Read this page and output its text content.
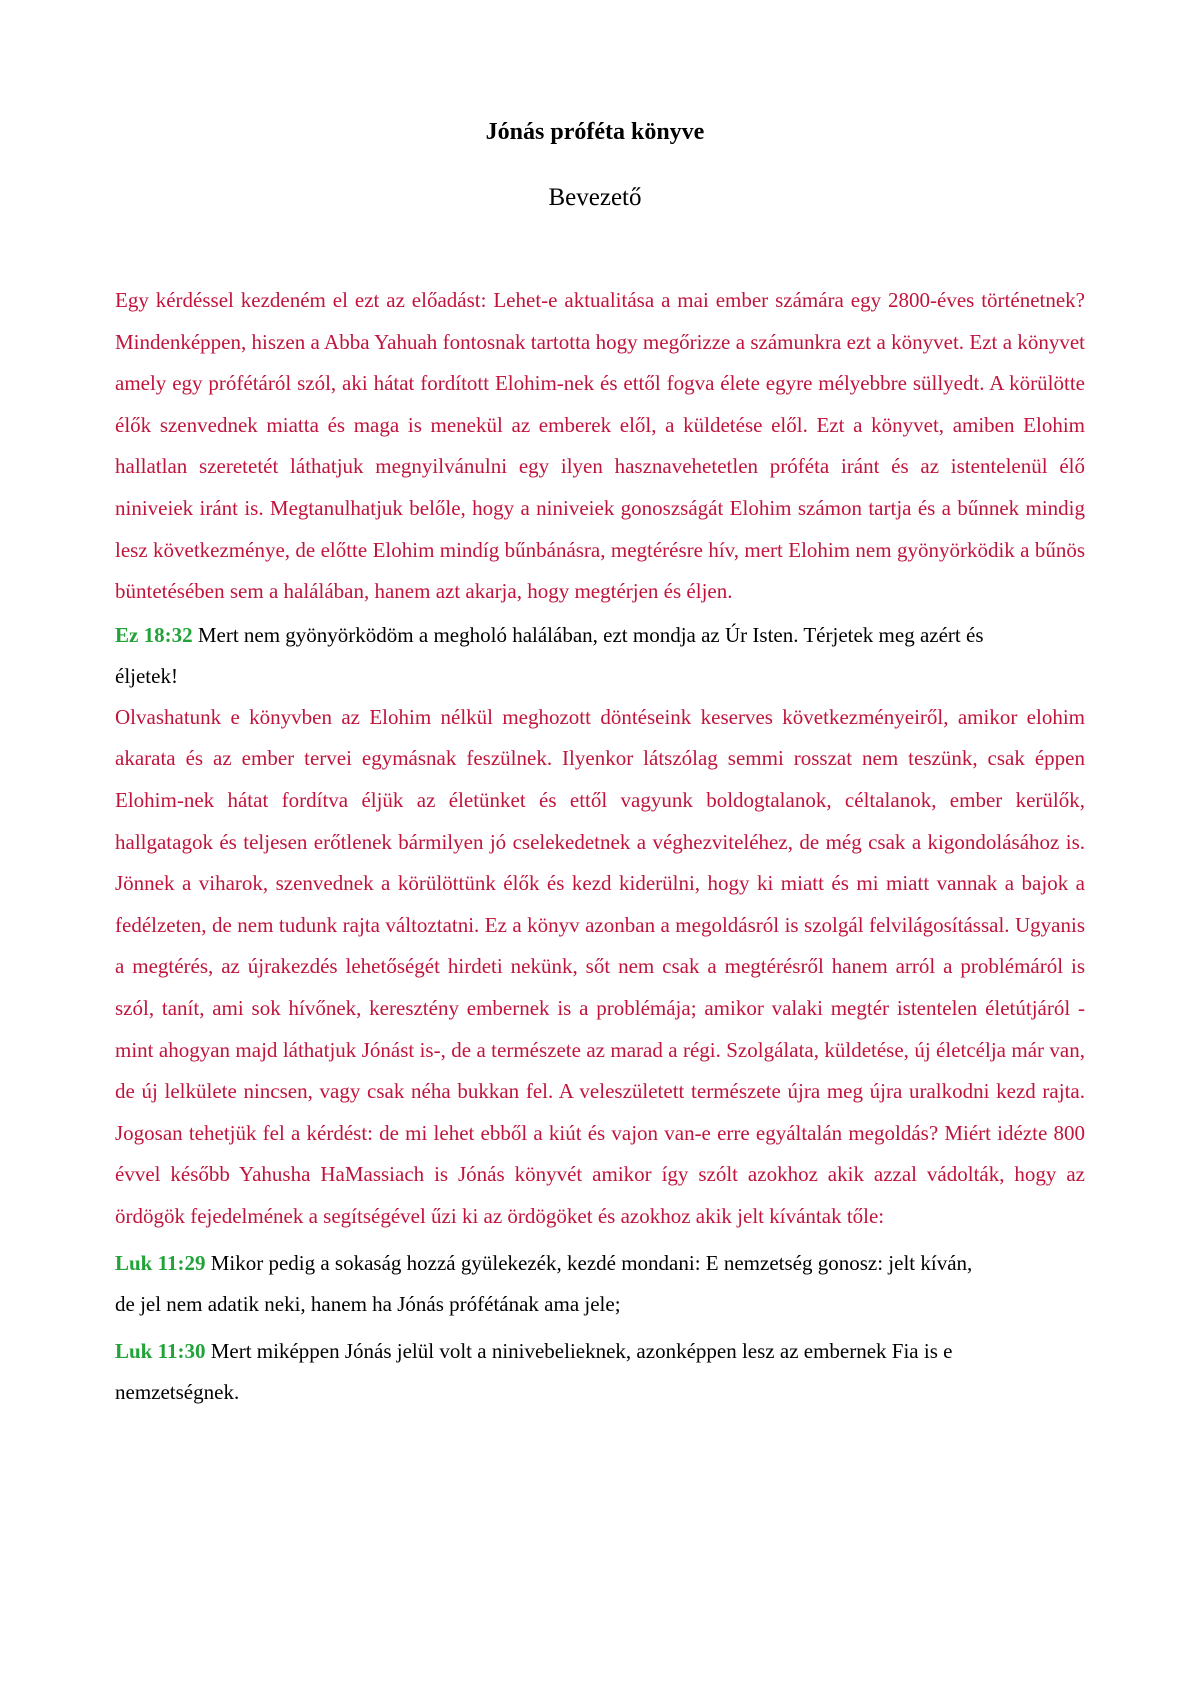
Jónás próféta könyve
Bevezető

Egy kérdéssel kezdeném el ezt az előadást: Lehet-e aktualitása a mai ember számára egy 2800-éves történetnek? Mindenképpen, hiszen a Abba Yahuah fontosnak tartotta hogy megőrizze a számunkra ezt a könyvet. Ezt a könyvet amely egy prófétáról szól, aki hátat fordított Elohim-nek és ettől fogva élete egyre mélyebbre süllyedt. A körülötte élők szenvednek miatta és maga is menekül az emberek elől, a küldetése elől. Ezt a könyvet, amiben Elohim hallatlan szeretetét láthatjuk megnyilvánulni egy ilyen hasznavehetetlen próféta iránt és az istentelenül élő niniveiek iránt is. Megtanulhatjuk belőle, hogy a niniveiek gonoszságát Elohim számon tartja és a bűnnek mindig lesz következménye, de előtte Elohim mindíg bűnbánásra, megtérésre hív, mert Elohim nem gyönyörködik a bűnös büntetésében sem a halálában, hanem azt akarja, hogy megtérjen és éljen.

Ez 18:32 Mert nem gyönyörködöm a megholó halálában, ezt mondja az Úr Isten. Térjetek meg azért és éljetek!

Olvashatunk e könyvben az Elohim nélkül meghozott döntéseink keserves következményeiről, amikor elohim akarata és az ember tervei egymásnak feszülnek. Ilyenkor látszólag semmi rosszat nem teszünk, csak éppen Elohim-nek hátat fordítva éljük az életünket és ettől vagyunk boldogtalanok, céltalanok, ember kerülők, hallgatagok és teljesen erőtlenek bármilyen jó cselekedetnek a véghezviteléhez, de még csak a kigondolásához is. Jönnek a viharok, szenvednek a körülöttünk élők és kezd kiderülni, hogy ki miatt és mi miatt vannak a bajok a fedélzeten, de nem tudunk rajta változtatni. Ez a könyv azonban a megoldásról is szolgál felvilágosítással. Ugyanis a megtérés, az újrakezdés lehetőségét hirdeti nekünk, sőt nem csak a megtérésről hanem arról a problémáról is szól, tanít, ami sok hívőnek, keresztény embernek is a problémája; amikor valaki megtér istentelen életútjáról -mint ahogyan majd láthatjuk Jónást is-, de a természete az marad a régi. Szolgálata, küldetése, új életcélja már van, de új lelkülete nincsen, vagy csak néha bukkan fel. A veleszületett természete újra meg újra uralkodni kezd rajta. Jogosan tehetjük fel a kérdést: de mi lehet ebből a kiút és vajon van-e erre egyáltalán megoldás? Miért idézte 800 évvel később Yahusha HaMassiach is Jónás könyvét amikor így szólt azokhoz akik azzal vádolták, hogy az ördögök fejedelmének a segítségével űzi ki az ördögöket és azokhoz akik jelt kívántak tőle:

Luk 11:29 Mikor pedig a sokaság hozzá gyülekezék, kezdé mondani: E nemzetség gonosz: jelt kíván, de jel nem adatik neki, hanem ha Jónás prófétának ama jele;

Luk 11:30 Mert miképpen Jónás jelül volt a ninivebelieknek, azonképpen lesz az embernek Fia is e nemzetségnek.
